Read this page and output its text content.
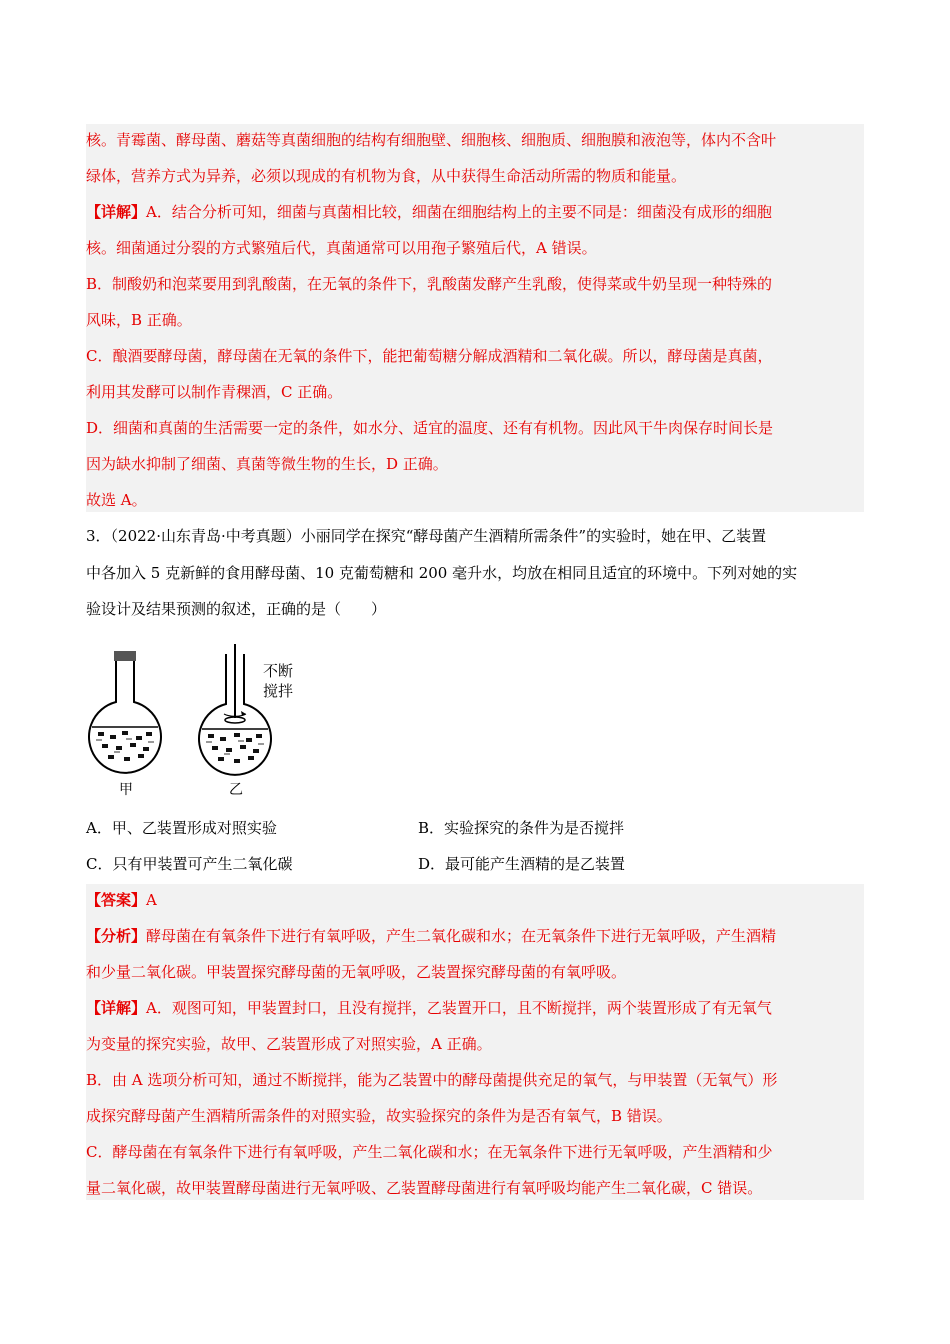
核。青霉菌、酵母菌、蘑菇等真菌细胞的结构有细胞壁、细胞核、细胞质、细胞膜和液泡等，体内不含叶
绿体，营养方式为异养，必须以现成的有机物为食，从中获得生命活动所需的物质和能量。
【详解】A．结合分析可知，细菌与真菌相比较，细菌在细胞结构上的主要不同是：细菌没有成形的细胞
核。细菌通过分裂的方式繁殖后代，真菌通常可以用孢子繁殖后代，A 错误。
B．制酸奶和泡菜要用到乳酸菌，在无氧的条件下，乳酸菌发酵产生乳酸，使得菜或牛奶呈现一种特殊的
风味，B 正确。
C．酿酒要酵母菌，酵母菌在无氧的条件下，能把葡萄糖分解成酒精和二氧化碳。所以，酵母菌是真菌，
利用其发酵可以制作青稞酒，C 正确。
D．细菌和真菌的生活需要一定的条件，如水分、适宜的温度、还有有机物。因此风干牛肉保存时间长是
因为缺水抑制了细菌、真菌等微生物的生长，D 正确。
故选 A。
3．（2022·山东青岛·中考真题）小丽同学在探究“酵母菌产生酒精所需条件”的实验时，她在甲、乙装置
中各加入 5 克新鲜的食用酵母菌、10 克葡萄糖和 200 毫升水，均放在相同且适宜的环境中。下列对她的实
验设计及结果预测的叙述，正确的是（　　）
甲	乙
不断
搅拌
A．甲、乙装置形成对照实验	B．实验探究的条件为是否搅拌
C．只有甲装置可产生二氧化碳	D．最可能产生酒精的是乙装置
【答案】A
【分析】酵母菌在有氧条件下进行有氧呼吸，产生二氧化碳和水；在无氧条件下进行无氧呼吸，产生酒精
和少量二氧化碳。甲装置探究酵母菌的无氧呼吸，乙装置探究酵母菌的有氧呼吸。
【详解】A．观图可知，甲装置封口，且没有搅拌，乙装置开口，且不断搅拌，两个装置形成了有无氧气
为变量的探究实验，故甲、乙装置形成了对照实验，A 正确。
B．由 A 选项分析可知，通过不断搅拌，能为乙装置中的酵母菌提供充足的氧气，与甲装置（无氧气）形
成探究酵母菌产生酒精所需条件的对照实验，故实验探究的条件为是否有氧气，B 错误。
C．酵母菌在有氧条件下进行有氧呼吸，产生二氧化碳和水；在无氧条件下进行无氧呼吸，产生酒精和少
量二氧化碳，故甲装置酵母菌进行无氧呼吸、乙装置酵母菌进行有氧呼吸均能产生二氧化碳，C 错误。
